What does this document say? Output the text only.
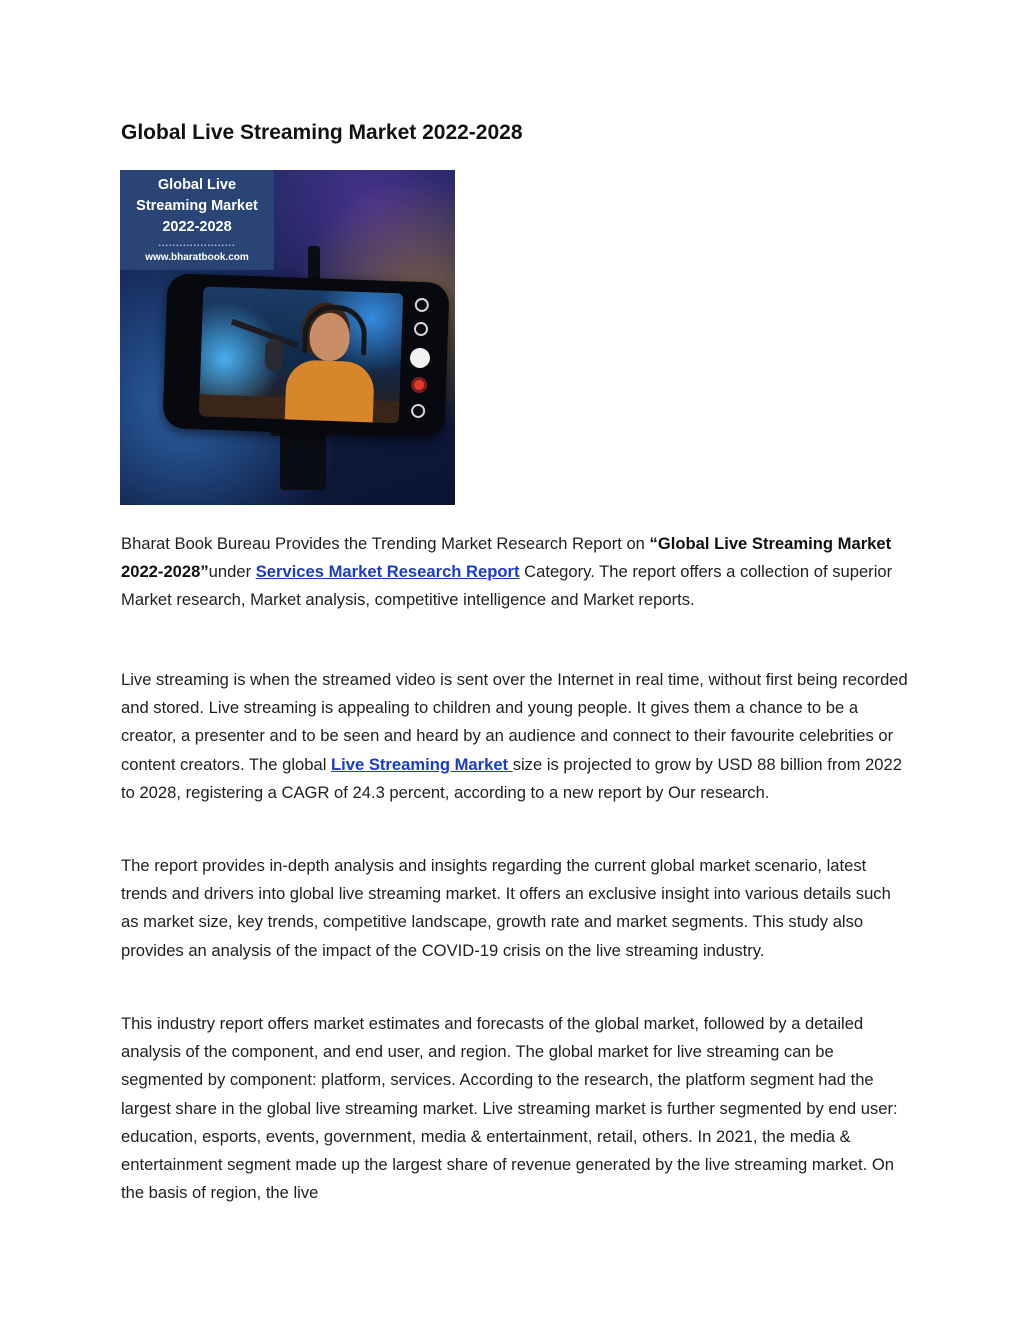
Global Live Streaming Market 2022-2028
Global Live
Streaming Market
2022-2028
......................
www.bharatbook.com

Bharat Book Bureau Provides the Trending Market Research Report on “Global Live Streaming Market 2022-2028”under Services Market Research Report Category. The report offers a collection of superior Market research, Market analysis, competitive intelligence and Market reports.

Live streaming is when the streamed video is sent over the Internet in real time, without first being recorded and stored. Live streaming is appealing to children and young people. It gives them a chance to be a creator, a presenter and to be seen and heard by an audience and connect to their favourite celebrities or content creators. The global Live Streaming Market size is projected to grow by USD 88 billion from 2022 to 2028, registering a CAGR of 24.3 percent, according to a new report by Our research.

The report provides in-depth analysis and insights regarding the current global market scenario, latest trends and drivers into global live streaming market. It offers an exclusive insight into various details such as market size, key trends, competitive landscape, growth rate and market segments. This study also provides an analysis of the impact of the COVID-19 crisis on the live streaming industry.

This industry report offers market estimates and forecasts of the global market, followed by a detailed analysis of the component, and end user, and region. The global market for live streaming can be segmented by component: platform, services. According to the research, the platform segment had the largest share in the global live streaming market. Live streaming market is further segmented by end user: education, esports, events, government, media & entertainment, retail, others. In 2021, the media & entertainment segment made up the largest share of revenue generated by the live streaming market. On the basis of region, the live
